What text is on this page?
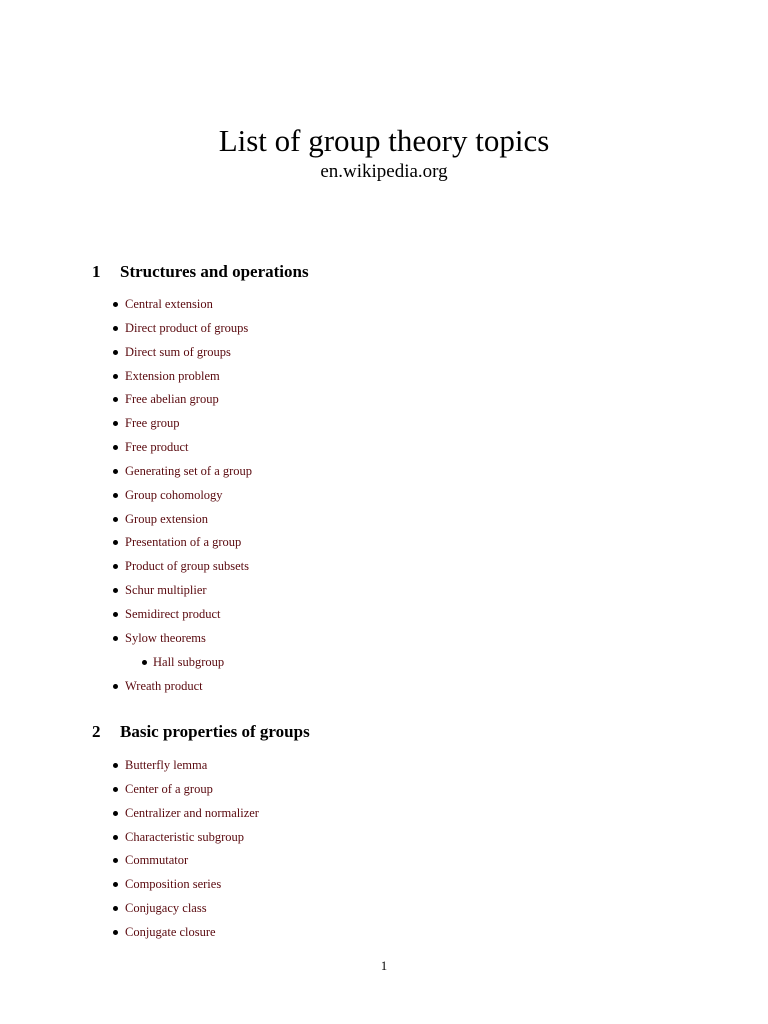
List of group theory topics
en.wikipedia.org
1 Structures and operations
Central extension
Direct product of groups
Direct sum of groups
Extension problem
Free abelian group
Free group
Free product
Generating set of a group
Group cohomology
Group extension
Presentation of a group
Product of group subsets
Schur multiplier
Semidirect product
Sylow theorems
Hall subgroup
Wreath product
2 Basic properties of groups
Butterfly lemma
Center of a group
Centralizer and normalizer
Characteristic subgroup
Commutator
Composition series
Conjugacy class
Conjugate closure
1
